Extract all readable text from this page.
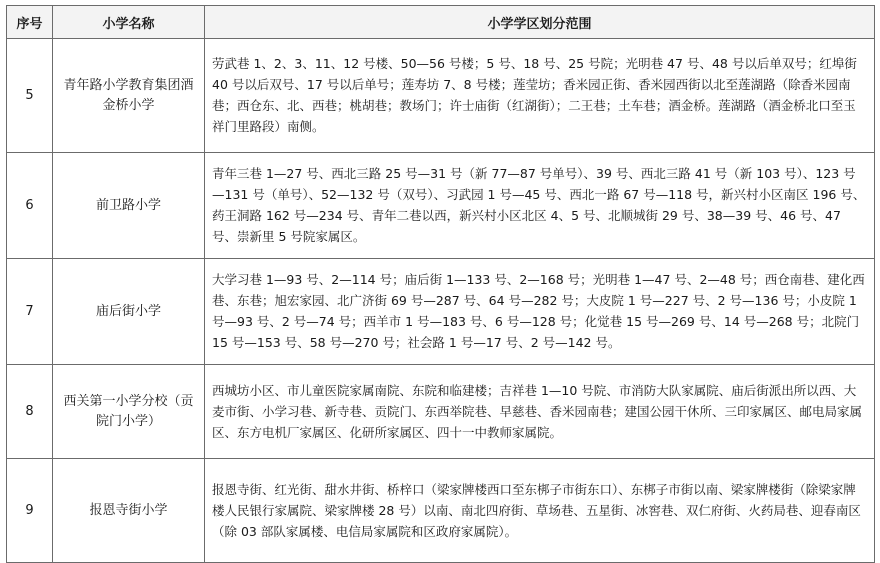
序号	小学名称	小学学区划分范围
5	青年路小学教育集团酒金桥小学	劳武巷 1、2、3、11、12 号楼、50—56 号楼；5 号、18 号、25 号院；光明巷 47 号、48 号以后单双号；红埠街 40 号以后双号、17 号以后单号；莲寿坊 7、8 号楼；莲莹坊；香米园正街、香米园西街以北至莲湖路（除香米园南巷；西仓东、北、西巷；桃胡巷；教场门；许士庙街（红湖街）；二王巷；土车巷；酒金桥。莲湖路（酒金桥北口至玉祥门里路段）南侧。
6	前卫路小学	青年三巷 1—27 号、西北三路 25 号—31 号（新 77—87 号单号）、39 号、西北三路 41 号（新 103 号）、123 号—131 号（单号）、52—132 号（双号）、习武园 1 号—45 号、西北一路 67 号—118 号，新兴村小区南区 196 号、药王洞路 162 号—234 号、青年二巷以西，新兴村小区北区 4、5 号、北顺城街 29 号、38—39 号、46 号、47 号、崇新里 5 号院家属区。
7	庙后街小学	大学习巷 1—93 号、2—114 号；庙后街 1—133 号、2—168 号；光明巷 1—47 号、2—48 号；西仓南巷、建化西巷、东巷；旭宏家园、北广济街 69 号—287 号、64 号—282 号；大皮院 1 号—227 号、2 号—136 号；小皮院 1 号—93 号、2 号—74 号；西羊市 1 号—183 号、6 号—128 号；化觉巷 15 号—269 号、14 号—268 号；北院门 15 号—153 号、58 号—270 号；社会路 1 号—17 号、2 号—142 号。
8	西关第一小学分校（贡院门小学）	西城坊小区、市儿童医院家属南院、东院和临建楼；吉祥巷 1—10 号院、市消防大队家属院、庙后街派出所以西、大麦市街、小学习巷、新寺巷、贡院门、东西举院巷、早慈巷、香米园南巷；建国公园干休所、三印家属区、邮电局家属区、东方电机厂家属区、化研所家属区、四十一中教师家属院。
9	报恩寺街小学	报恩寺街、红光街、甜水井街、桥梓口（梁家牌楼西口至东梆子市街东口）、东梆子市街以南、梁家牌楼街（除梁家牌楼人民银行家属院、梁家牌楼 28 号）以南、南北四府街、草场巷、五星街、冰窖巷、双仁府街、火药局巷、迎春南区（除 03 部队家属楼、电信局家属院和区政府家属院）。
